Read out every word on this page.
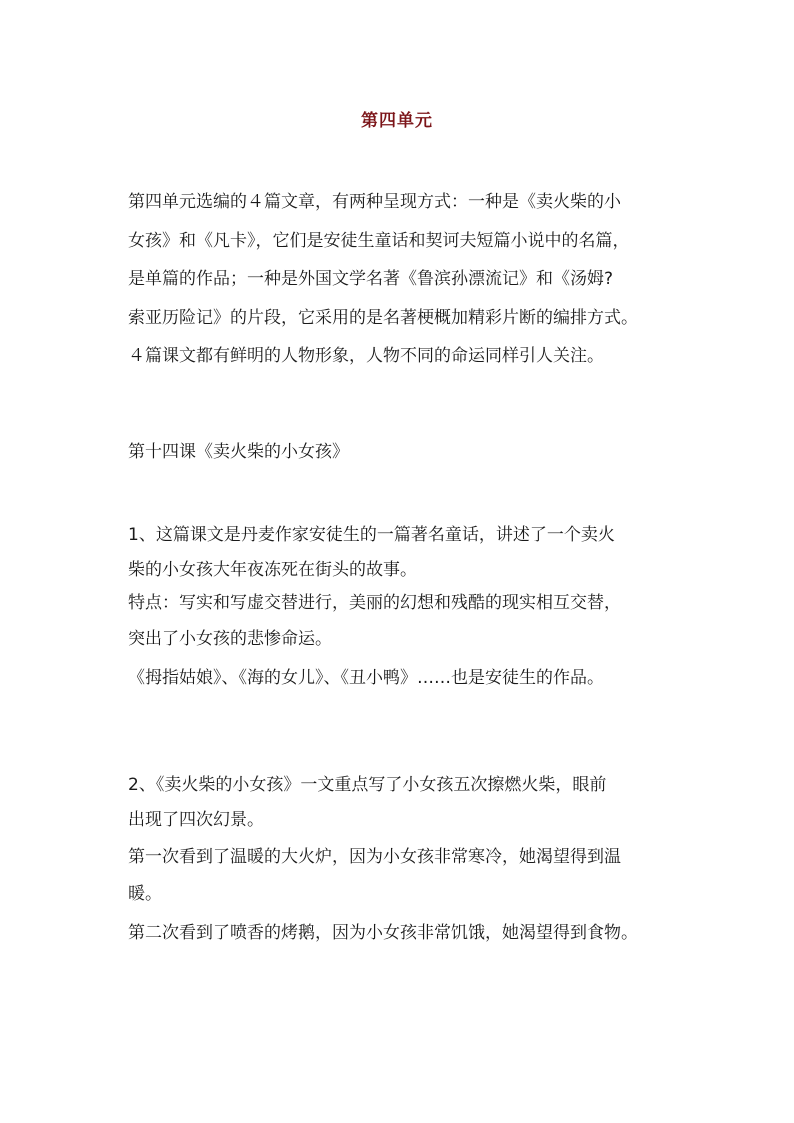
第四单元
第四单元选编的４篇文章，有两种呈现方式：一种是《卖火柴的小
女孩》和《凡卡》，它们是安徒生童话和契诃夫短篇小说中的名篇，
是单篇的作品；一种是外国文学名著《鲁滨孙漂流记》和《汤姆?
索亚历险记》的片段，它采用的是名著梗概加精彩片断的编排方式。
４篇课文都有鲜明的人物形象，人物不同的命运同样引人关注。
第十四课《卖火柴的小女孩》
1、这篇课文是丹麦作家安徒生的一篇著名童话，讲述了一个卖火
柴的小女孩大年夜冻死在街头的故事。
特点：写实和写虚交替进行，美丽的幻想和残酷的现实相互交替，
突出了小女孩的悲惨命运。
《拇指姑娘》、《海的女儿》、《丑小鸭》……也是安徒生的作品。
2、《卖火柴的小女孩》一文重点写了小女孩五次擦燃火柴，眼前
出现了四次幻景。
第一次看到了温暖的大火炉，因为小女孩非常寒冷，她渴望得到温
暖。
第二次看到了喷香的烤鹅，因为小女孩非常饥饿，她渴望得到食物。
